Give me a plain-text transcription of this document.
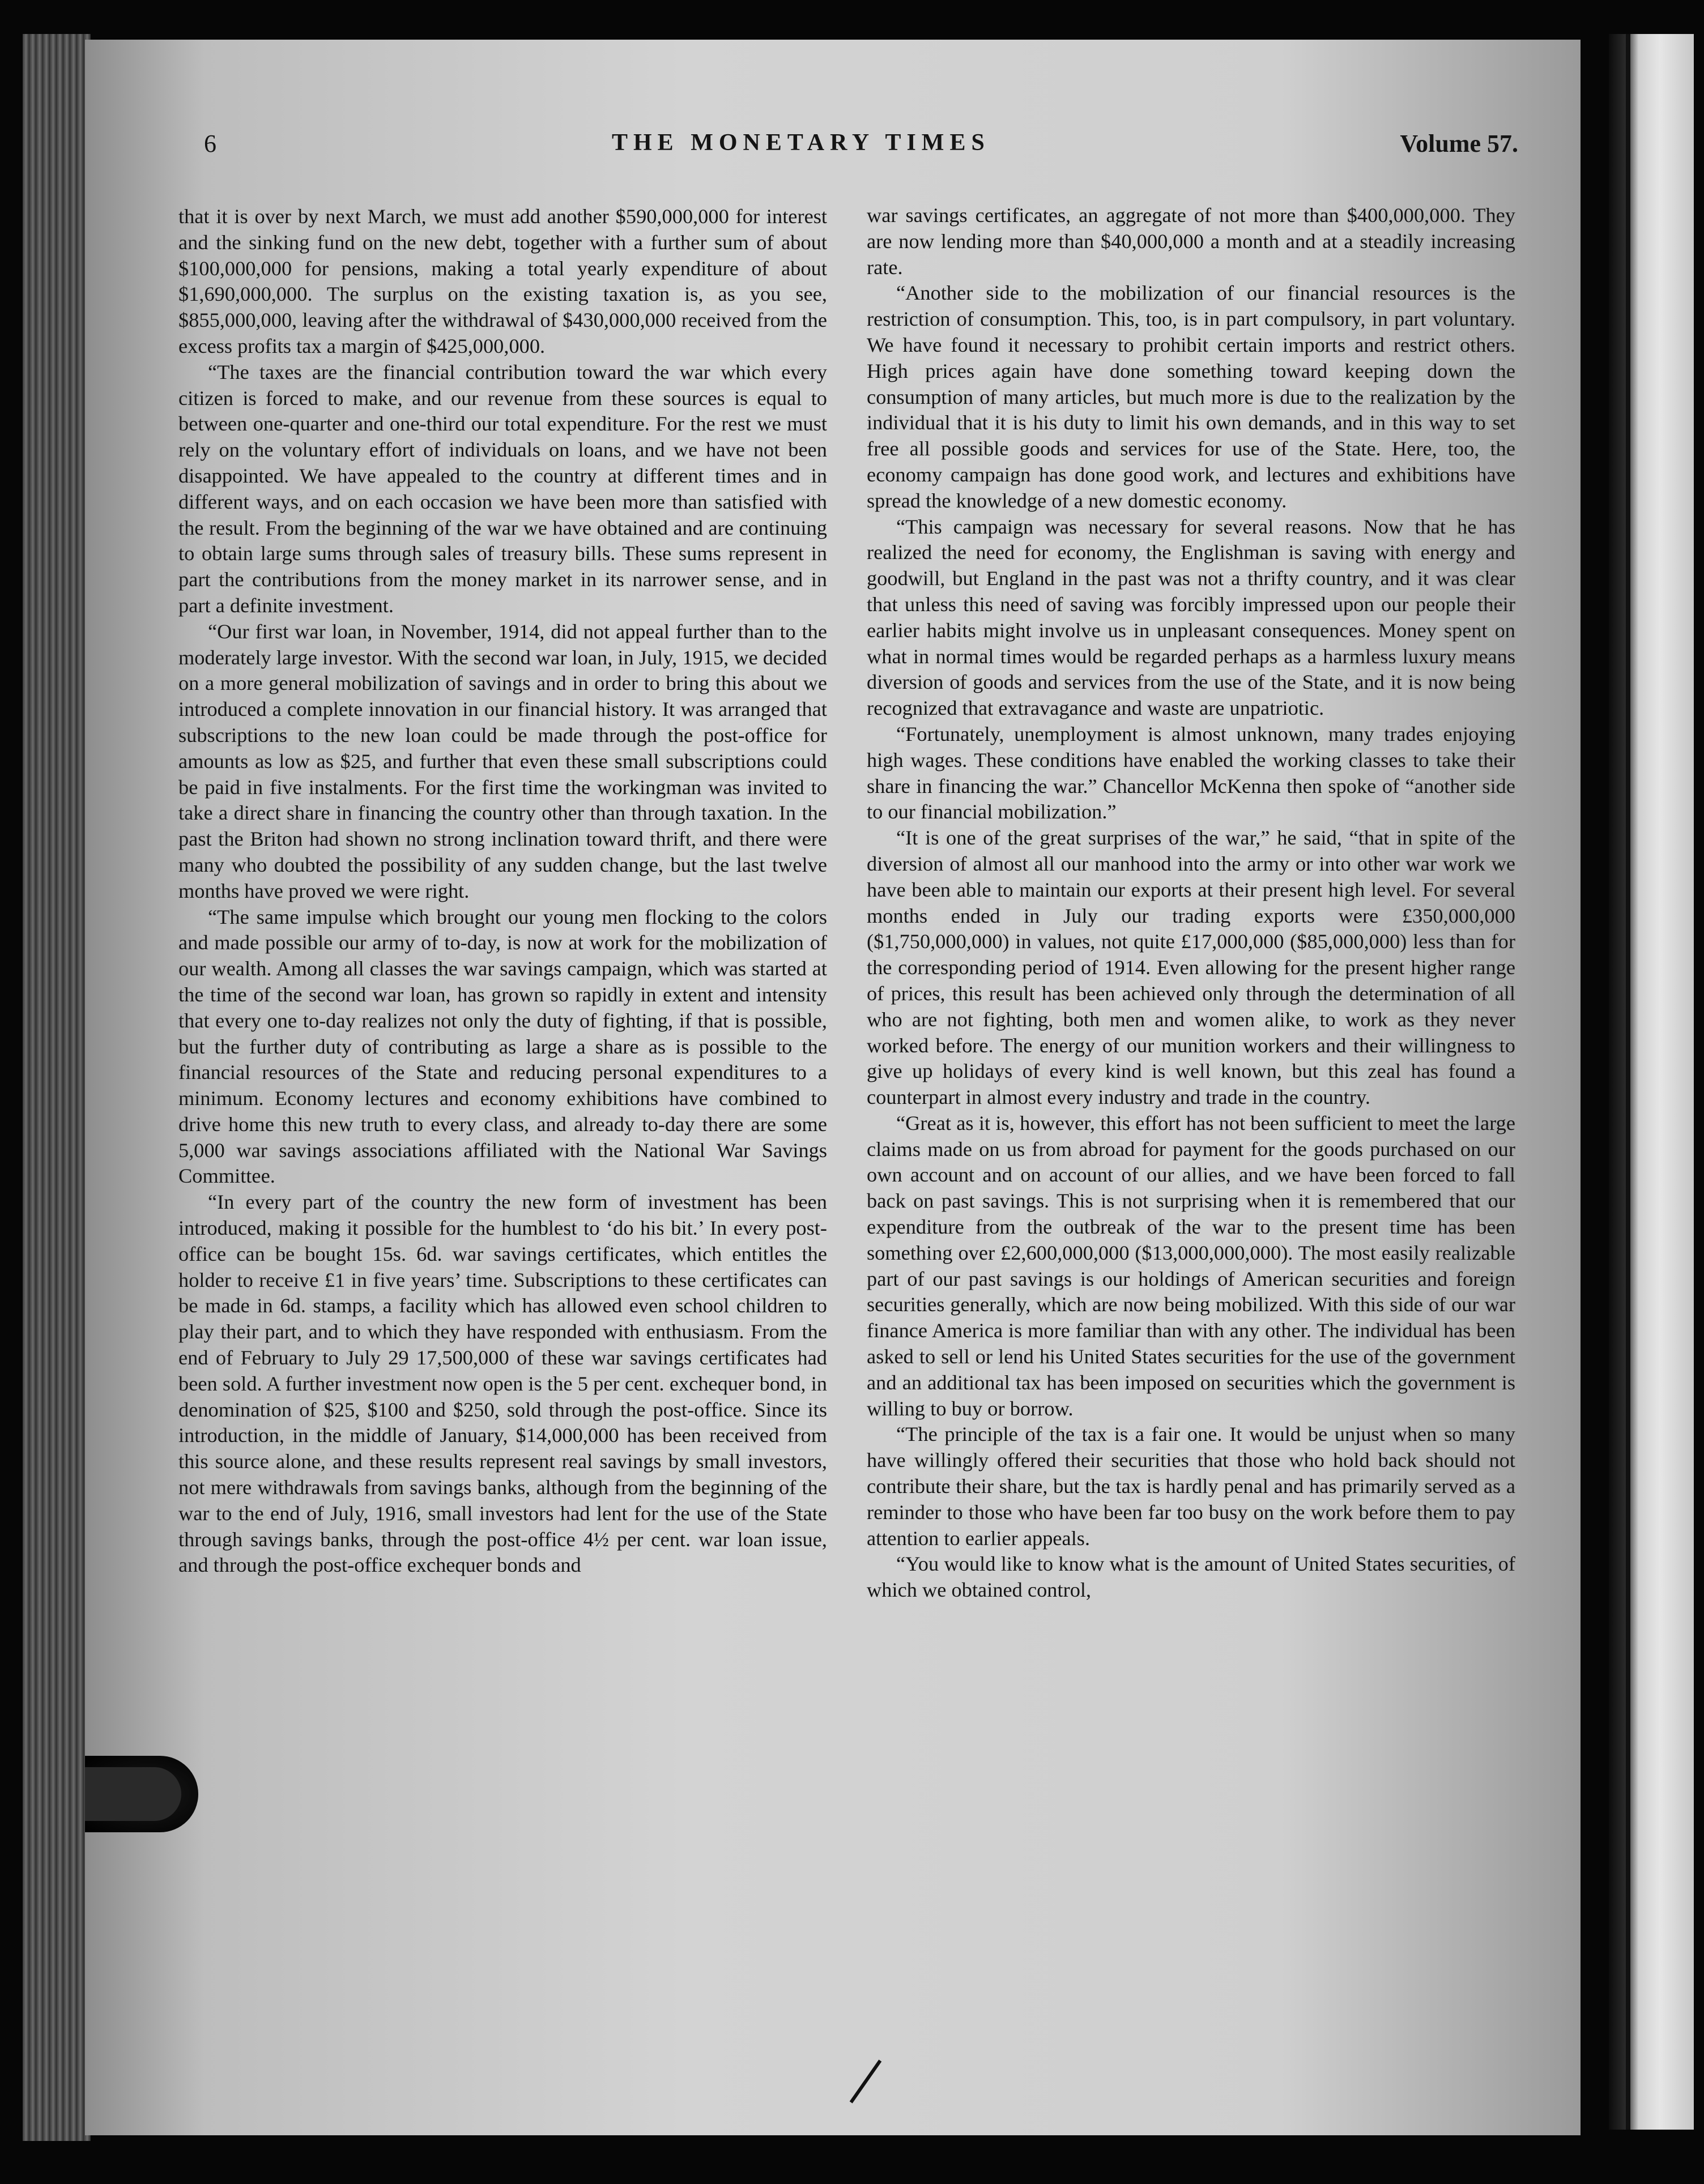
6	THE MONETARY TIMES	Volume 57.

that it is over by next March, we must add another $590,000,000 for interest and the sinking fund on the new debt, together with a further sum of about $100,000,000 for pensions, making a total yearly expenditure of about $1,690,000,000. The surplus on the existing taxation is, as you see, $855,000,000, leaving after the withdrawal of $430,000,000 received from the excess profits tax a margin of $425,000,000.

“The taxes are the financial contribution toward the war which every citizen is forced to make, and our revenue from these sources is equal to between one-quarter and one-third our total expenditure. For the rest we must rely on the voluntary effort of individuals on loans, and we have not been disappointed. We have appealed to the country at different times and in different ways, and on each occasion we have been more than satisfied with the result. From the beginning of the war we have obtained and are continuing to obtain large sums through sales of treasury bills. These sums represent in part the contributions from the money market in its narrower sense, and in part a definite investment.

“Our first war loan, in November, 1914, did not appeal further than to the moderately large investor. With the second war loan, in July, 1915, we decided on a more general mobilization of savings and in order to bring this about we introduced a complete innovation in our financial history. It was arranged that subscriptions to the new loan could be made through the post-office for amounts as low as $25, and further that even these small subscriptions could be paid in five instalments. For the first time the workingman was invited to take a direct share in financing the country other than through taxation. In the past the Briton had shown no strong inclination toward thrift, and there were many who doubted the possibility of any sudden change, but the last twelve months have proved we were right.

“The same impulse which brought our young men flocking to the colors and made possible our army of to-day, is now at work for the mobilization of our wealth. Among all classes the war savings campaign, which was started at the time of the second war loan, has grown so rapidly in extent and intensity that every one to-day realizes not only the duty of fighting, if that is possible, but the further duty of contributing as large a share as is possible to the financial resources of the State and reducing personal expenditures to a minimum. Economy lectures and economy exhibitions have combined to drive home this new truth to every class, and already to-day there are some 5,000 war savings associations affiliated with the National War Savings Committee.

“In every part of the country the new form of investment has been introduced, making it possible for the humblest to ‘do his bit.’ In every post-office can be bought 15s. 6d. war savings certificates, which entitles the holder to receive £1 in five years’ time. Subscriptions to these certificates can be made in 6d. stamps, a facility which has allowed even school children to play their part, and to which they have responded with enthusiasm. From the end of February to July 29 17,500,000 of these war savings certificates had been sold. A further investment now open is the 5 per cent. exchequer bond, in denomination of $25, $100 and $250, sold through the post-office. Since its introduction, in the middle of January, $14,000,000 has been received from this source alone, and these results represent real savings by small investors, not mere withdrawals from savings banks, although from the beginning of the war to the end of July, 1916, small investors had lent for the use of the State through savings banks, through the post-office 4½ per cent. war loan issue, and through the post-office exchequer bonds and

war savings certificates, an aggregate of not more than $400,000,000. They are now lending more than $40,000,000 a month and at a steadily increasing rate.

“Another side to the mobilization of our financial resources is the restriction of consumption. This, too, is in part compulsory, in part voluntary. We have found it necessary to prohibit certain imports and restrict others. High prices again have done something toward keeping down the consumption of many articles, but much more is due to the realization by the individual that it is his duty to limit his own demands, and in this way to set free all possible goods and services for use of the State. Here, too, the economy campaign has done good work, and lectures and exhibitions have spread the knowledge of a new domestic economy.

“This campaign was necessary for several reasons. Now that he has realized the need for economy, the Englishman is saving with energy and goodwill, but England in the past was not a thrifty country, and it was clear that unless this need of saving was forcibly impressed upon our people their earlier habits might involve us in unpleasant consequences. Money spent on what in normal times would be regarded perhaps as a harmless luxury means diversion of goods and services from the use of the State, and it is now being recognized that extravagance and waste are unpatriotic.

“Fortunately, unemployment is almost unknown, many trades enjoying high wages. These conditions have enabled the working classes to take their share in financing the war.” Chancellor McKenna then spoke of “another side to our financial mobilization.”

“It is one of the great surprises of the war,” he said, “that in spite of the diversion of almost all our manhood into the army or into other war work we have been able to maintain our exports at their present high level. For several months ended in July our trading exports were £350,000,000 ($1,750,000,000) in values, not quite £17,000,000 ($85,000,000) less than for the corresponding period of 1914. Even allowing for the present higher range of prices, this result has been achieved only through the determination of all who are not fighting, both men and women alike, to work as they never worked before. The energy of our munition workers and their willingness to give up holidays of every kind is well known, but this zeal has found a counterpart in almost every industry and trade in the country.

“Great as it is, however, this effort has not been sufficient to meet the large claims made on us from abroad for payment for the goods purchased on our own account and on account of our allies, and we have been forced to fall back on past savings. This is not surprising when it is remembered that our expenditure from the outbreak of the war to the present time has been something over £2,600,000,000 ($13,000,000,000). The most easily realizable part of our past savings is our holdings of American securities and foreign securities generally, which are now being mobilized. With this side of our war finance America is more familiar than with any other. The individual has been asked to sell or lend his United States securities for the use of the government and an additional tax has been imposed on securities which the government is willing to buy or borrow.

“The principle of the tax is a fair one. It would be unjust when so many have willingly offered their securities that those who hold back should not contribute their share, but the tax is hardly penal and has primarily served as a reminder to those who have been far too busy on the work before them to pay attention to earlier appeals.

“You would like to know what is the amount of United States securities, of which we obtained control,
